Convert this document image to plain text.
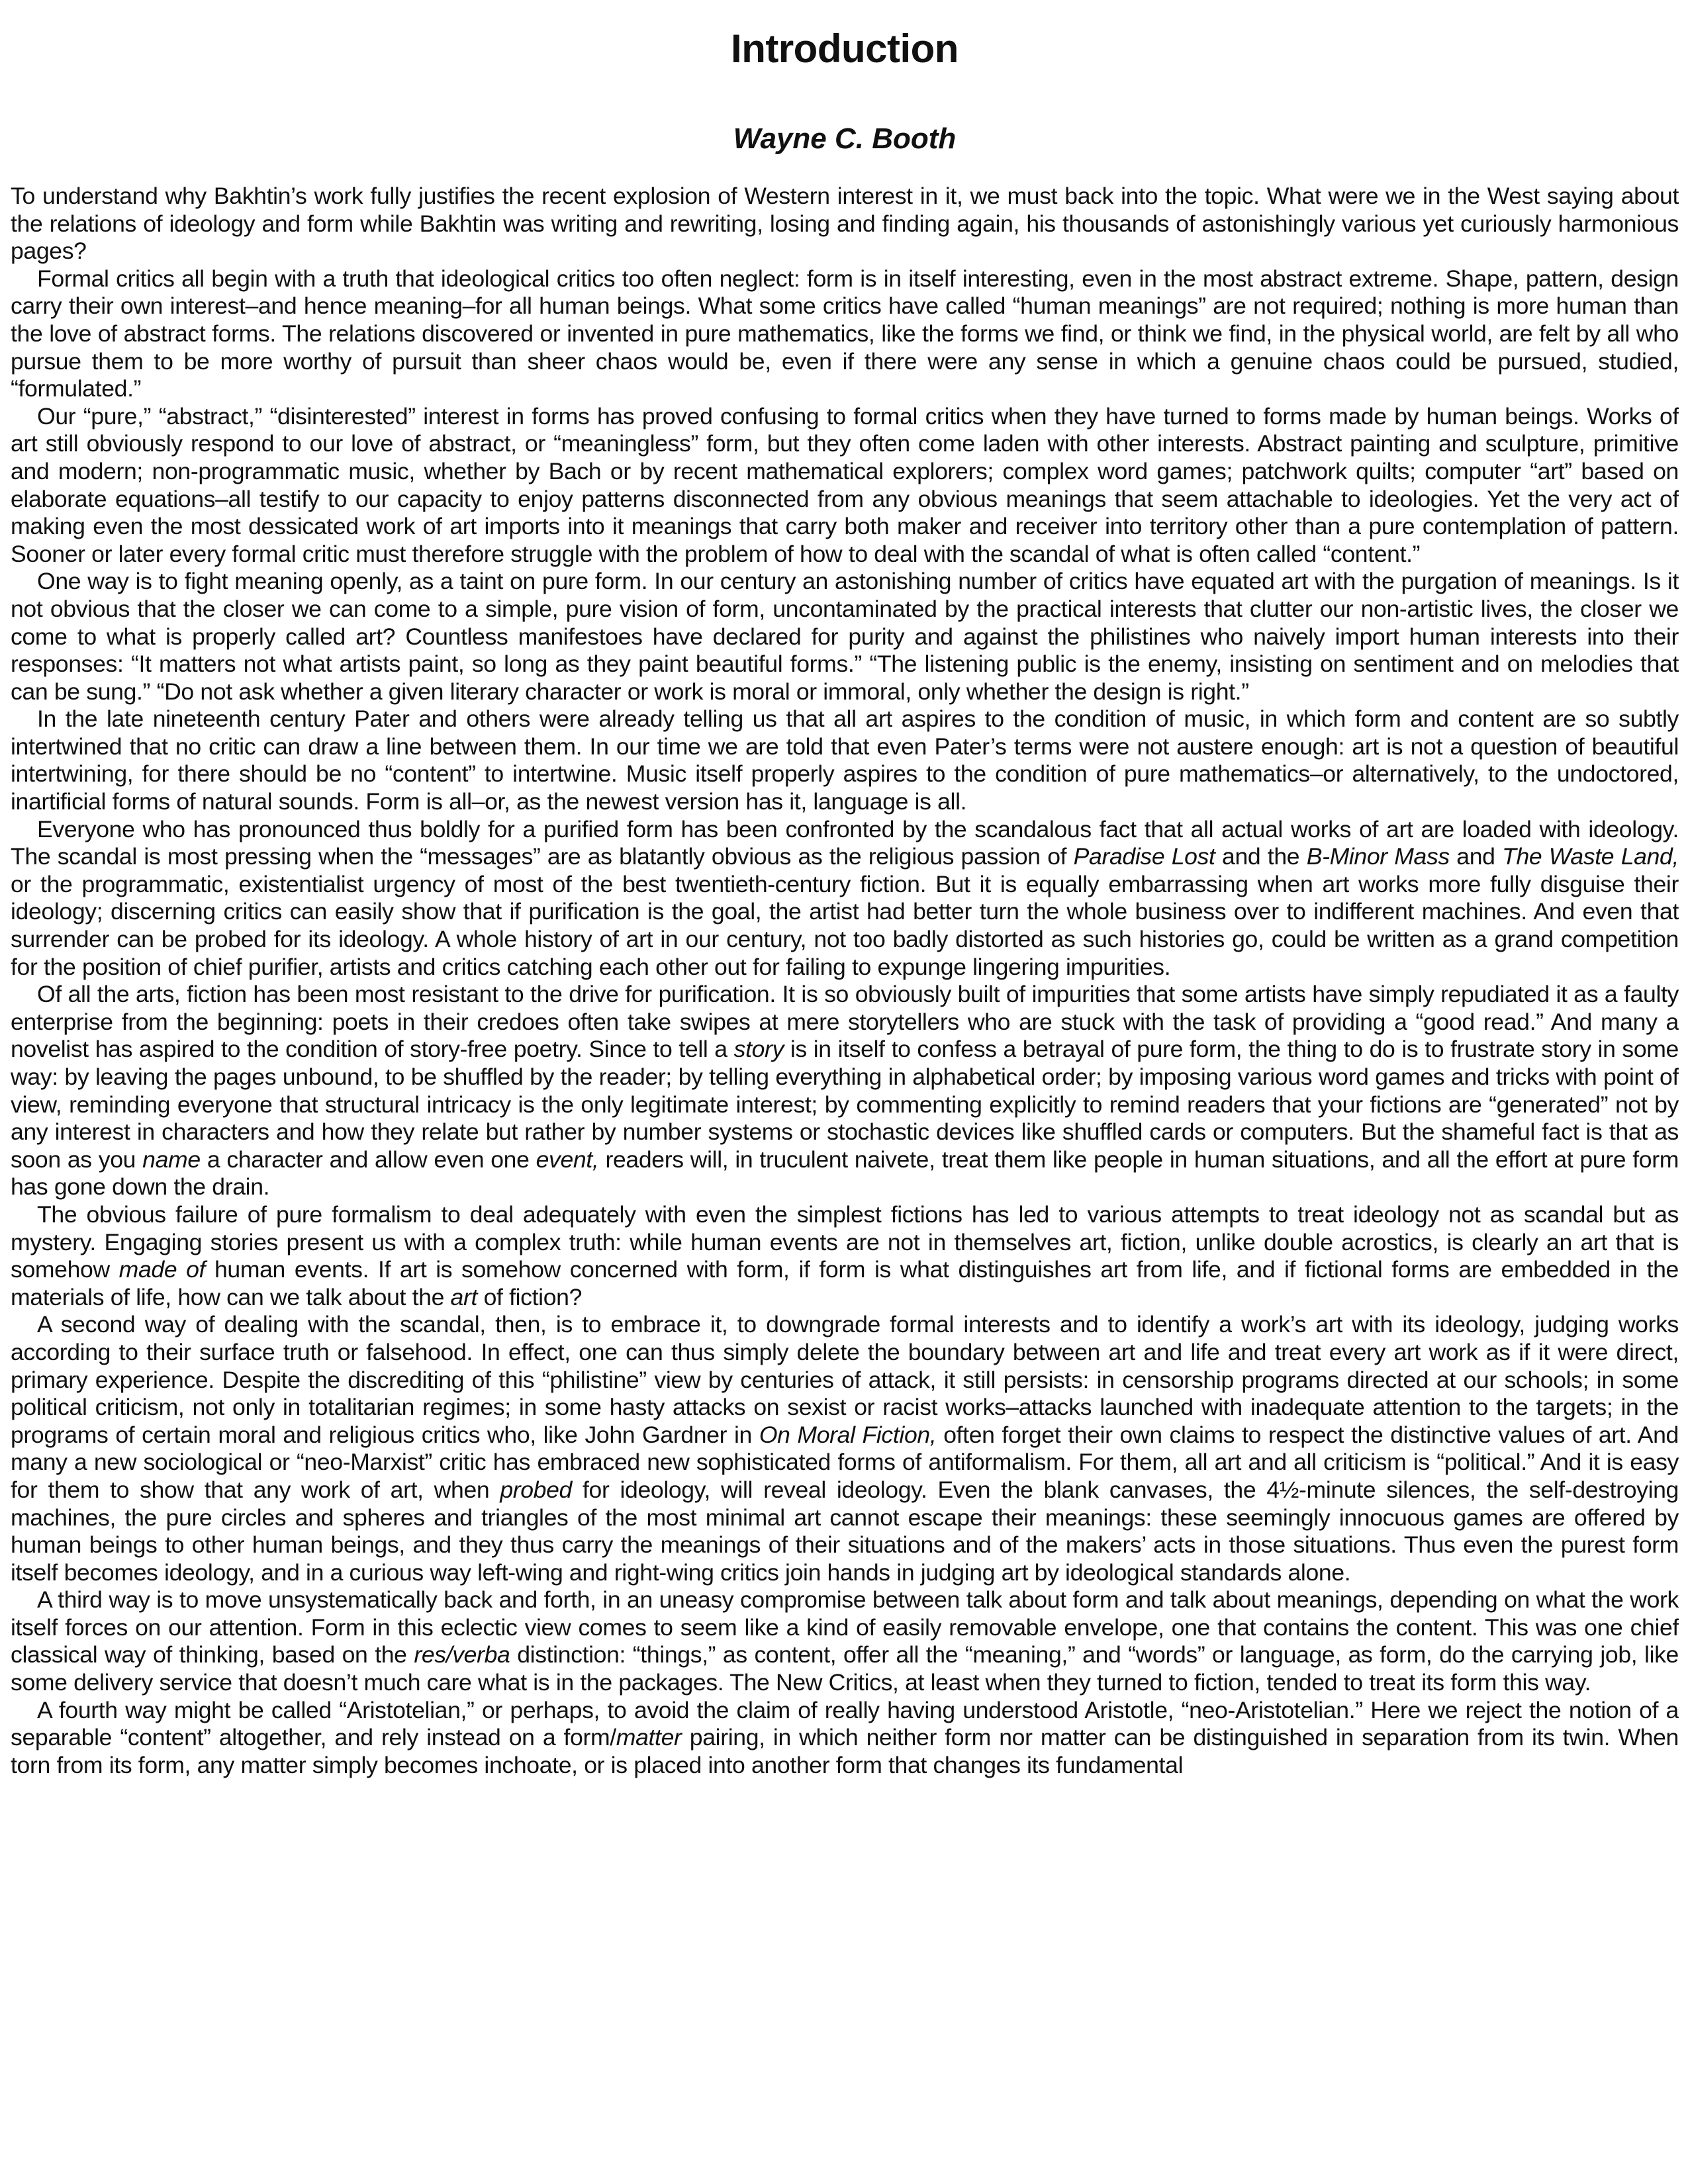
Introduction
Wayne C. Booth

To understand why Bakhtin’s work fully justifies the recent explosion of Western interest in it, we must back into the topic. What were we in the West saying about the relations of ideology and form while Bakhtin was writing and rewriting, losing and finding again, his thousands of astonishingly various yet curiously harmonious pages?

Formal critics all begin with a truth that ideological critics too often neglect: form is in itself interesting, even in the most abstract extreme. Shape, pattern, design carry their own interest–and hence meaning–for all human beings. What some critics have called “human meanings” are not required; nothing is more human than the love of abstract forms. The relations discovered or invented in pure mathematics, like the forms we find, or think we find, in the physical world, are felt by all who pursue them to be more worthy of pursuit than sheer chaos would be, even if there were any sense in which a genuine chaos could be pursued, studied, “formulated.”

Our “pure,” “abstract,” “disinterested” interest in forms has proved confusing to formal critics when they have turned to forms made by human beings. Works of art still obviously respond to our love of abstract, or “meaningless” form, but they often come laden with other interests. Abstract painting and sculpture, primitive and modern; non-programmatic music, whether by Bach or by recent mathematical explorers; complex word games; patchwork quilts; computer “art” based on elaborate equations–all testify to our capacity to enjoy patterns disconnected from any obvious meanings that seem attachable to ideologies. Yet the very act of making even the most dessicated work of art imports into it meanings that carry both maker and receiver into territory other than a pure contemplation of pattern. Sooner or later every formal critic must therefore struggle with the problem of how to deal with the scandal of what is often called “content.”

One way is to fight meaning openly, as a taint on pure form. In our century an astonishing number of critics have equated art with the purgation of meanings. Is it not obvious that the closer we can come to a simple, pure vision of form, uncontaminated by the practical interests that clutter our non-artistic lives, the closer we come to what is properly called art? Countless manifestoes have declared for purity and against the philistines who naively import human interests into their responses: “It matters not what artists paint, so long as they paint beautiful forms.” “The listening public is the enemy, insisting on sentiment and on melodies that can be sung.” “Do not ask whether a given literary character or work is moral or immoral, only whether the design is right.”

In the late nineteenth century Pater and others were already telling us that all art aspires to the condition of music, in which form and content are so subtly intertwined that no critic can draw a line between them. In our time we are told that even Pater’s terms were not austere enough: art is not a question of beautiful intertwining, for there should be no “content” to intertwine. Music itself properly aspires to the condition of pure mathematics–or alternatively, to the undoctored, inartificial forms of natural sounds. Form is all–or, as the newest version has it, language is all.

Everyone who has pronounced thus boldly for a purified form has been confronted by the scandalous fact that all actual works of art are loaded with ideology. The scandal is most pressing when the “messages” are as blatantly obvious as the religious passion of Paradise Lost and the B-Minor Mass and The Waste Land, or the programmatic, existentialist urgency of most of the best twentieth-century fiction. But it is equally embarrassing when art works more fully disguise their ideology; discerning critics can easily show that if purification is the goal, the artist had better turn the whole business over to indifferent machines. And even that surrender can be probed for its ideology. A whole history of art in our century, not too badly distorted as such histories go, could be written as a grand competition for the position of chief purifier, artists and critics catching each other out for failing to expunge lingering impurities.

Of all the arts, fiction has been most resistant to the drive for purification. It is so obviously built of impurities that some artists have simply repudiated it as a faulty enterprise from the beginning: poets in their credoes often take swipes at mere storytellers who are stuck with the task of providing a “good read.” And many a novelist has aspired to the condition of story-free poetry. Since to tell a story is in itself to confess a betrayal of pure form, the thing to do is to frustrate story in some way: by leaving the pages unbound, to be shuffled by the reader; by telling everything in alphabetical order; by imposing various word games and tricks with point of view, reminding everyone that structural intricacy is the only legitimate interest; by commenting explicitly to remind readers that your fictions are “generated” not by any interest in characters and how they relate but rather by number systems or stochastic devices like shuffled cards or computers. But the shameful fact is that as soon as you name a character and allow even one event, readers will, in truculent naivete, treat them like people in human situations, and all the effort at pure form has gone down the drain.

The obvious failure of pure formalism to deal adequately with even the simplest fictions has led to various attempts to treat ideology not as scandal but as mystery. Engaging stories present us with a complex truth: while human events are not in themselves art, fiction, unlike double acrostics, is clearly an art that is somehow made of human events. If art is somehow concerned with form, if form is what distinguishes art from life, and if fictional forms are embedded in the materials of life, how can we talk about the art of fiction?

A second way of dealing with the scandal, then, is to embrace it, to downgrade formal interests and to identify a work’s art with its ideology, judging works according to their surface truth or falsehood. In effect, one can thus simply delete the boundary between art and life and treat every art work as if it were direct, primary experience. Despite the discrediting of this “philistine” view by centuries of attack, it still persists: in censorship programs directed at our schools; in some political criticism, not only in totalitarian regimes; in some hasty attacks on sexist or racist works–attacks launched with inadequate attention to the targets; in the programs of certain moral and religious critics who, like John Gardner in On Moral Fiction, often forget their own claims to respect the distinctive values of art. And many a new sociological or “neo-Marxist” critic has embraced new sophisticated forms of antiformalism. For them, all art and all criticism is “political.” And it is easy for them to show that any work of art, when probed for ideology, will reveal ideology. Even the blank canvases, the 4½-minute silences, the self-destroying machines, the pure circles and spheres and triangles of the most minimal art cannot escape their meanings: these seemingly innocuous games are offered by human beings to other human beings, and they thus carry the meanings of their situations and of the makers’ acts in those situations. Thus even the purest form itself becomes ideology, and in a curious way left-wing and right-wing critics join hands in judging art by ideological standards alone.

A third way is to move unsystematically back and forth, in an uneasy compromise between talk about form and talk about meanings, depending on what the work itself forces on our attention. Form in this eclectic view comes to seem like a kind of easily removable envelope, one that contains the content. This was one chief classical way of thinking, based on the res/verba distinction: “things,” as content, offer all the “meaning,” and “words” or language, as form, do the carrying job, like some delivery service that doesn’t much care what is in the packages. The New Critics, at least when they turned to fiction, tended to treat its form this way.

A fourth way might be called “Aristotelian,” or perhaps, to avoid the claim of really having understood Aristotle, “neo-Aristotelian.” Here we reject the notion of a separable “content” altogether, and rely instead on a form/matter pairing, in which neither form nor matter can be distinguished in separation from its twin. When torn from its form, any matter simply becomes inchoate, or is placed into another form that changes its fundamental
